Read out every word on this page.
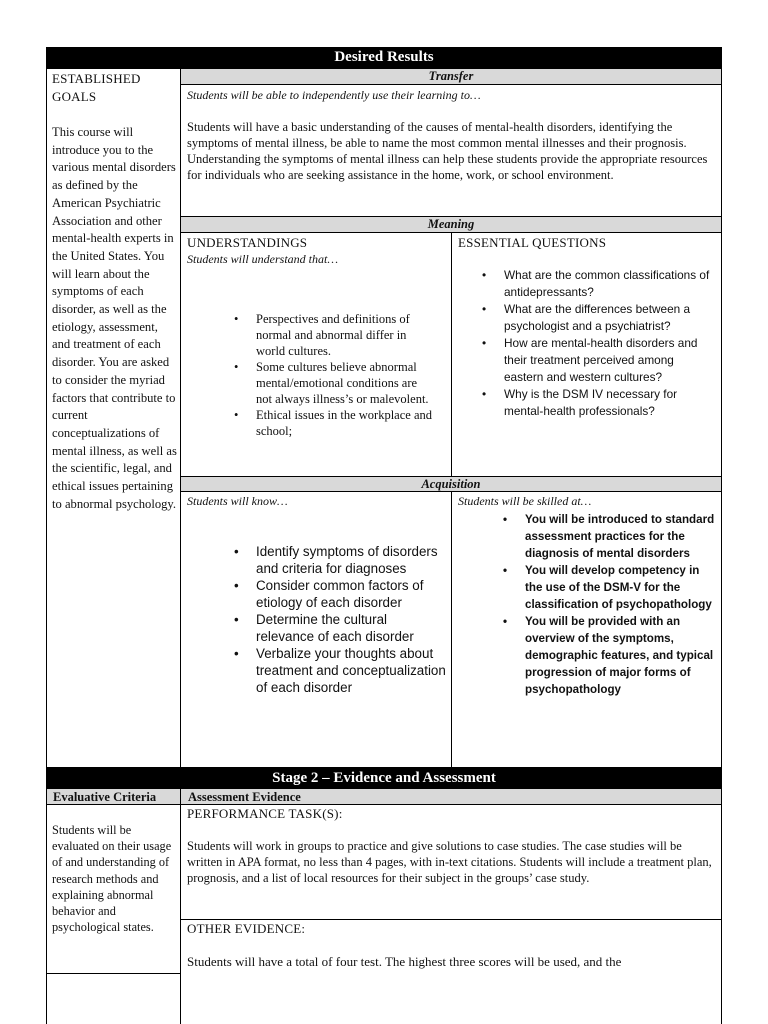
Desired Results
ESTABLISHED GOALS
This course will introduce you to the various mental disorders as defined by the American Psychiatric Association and other mental-health experts in the United States. You will learn about the symptoms of each disorder, as well as the etiology, assessment, and treatment of each disorder. You are asked to consider the myriad factors that contribute to current conceptualizations of mental illness, as well as the scientific, legal, and ethical issues pertaining to abnormal psychology.
Transfer
Students will be able to independently use their learning to…
Students will have a basic understanding of the causes of mental-health disorders, identifying the symptoms of mental illness, be able to name the most common mental illnesses and their prognosis. Understanding the symptoms of mental illness can help these students provide the appropriate resources for individuals who are seeking assistance in the home, work, or school environment.
Meaning
UNDERSTANDINGS
Students will understand that…
• Perspectives and definitions of normal and abnormal differ in world cultures.
• Some cultures believe abnormal mental/emotional conditions are not always illness’s or malevolent.
• Ethical issues in the workplace and school;
ESSENTIAL QUESTIONS
• What are the common classifications of antidepressants?
• What are the differences between a psychologist and a psychiatrist?
• How are mental-health disorders and their treatment perceived among eastern and western cultures?
• Why is the DSM IV necessary for mental-health professionals?
Acquisition
Students will know…
• Identify symptoms of disorders and criteria for diagnoses
• Consider common factors of etiology of each disorder
• Determine the cultural relevance of each disorder
• Verbalize your thoughts about treatment and conceptualization of each disorder
Students will be skilled at…
• You will be introduced to standard assessment practices for the diagnosis of mental disorders
• You will develop competency in the use of the DSM-V for the classification of psychopathology
• You will be provided with an overview of the symptoms, demographic features, and typical progression of major forms of psychopathology
Stage 2 – Evidence and Assessment
Evaluative Criteria	Assessment Evidence
Students will be evaluated on their usage of and understanding of research methods and explaining abnormal behavior and psychological states.
PERFORMANCE TASK(S):
Students will work in groups to practice and give solutions to case studies. The case studies will be written in APA format, no less than 4 pages, with in-text citations. Students will include a treatment plan, prognosis, and a list of local resources for their subject in the groups’ case study.
OTHER EVIDENCE:
Students will have a total of four test. The highest three scores will be used, and the
